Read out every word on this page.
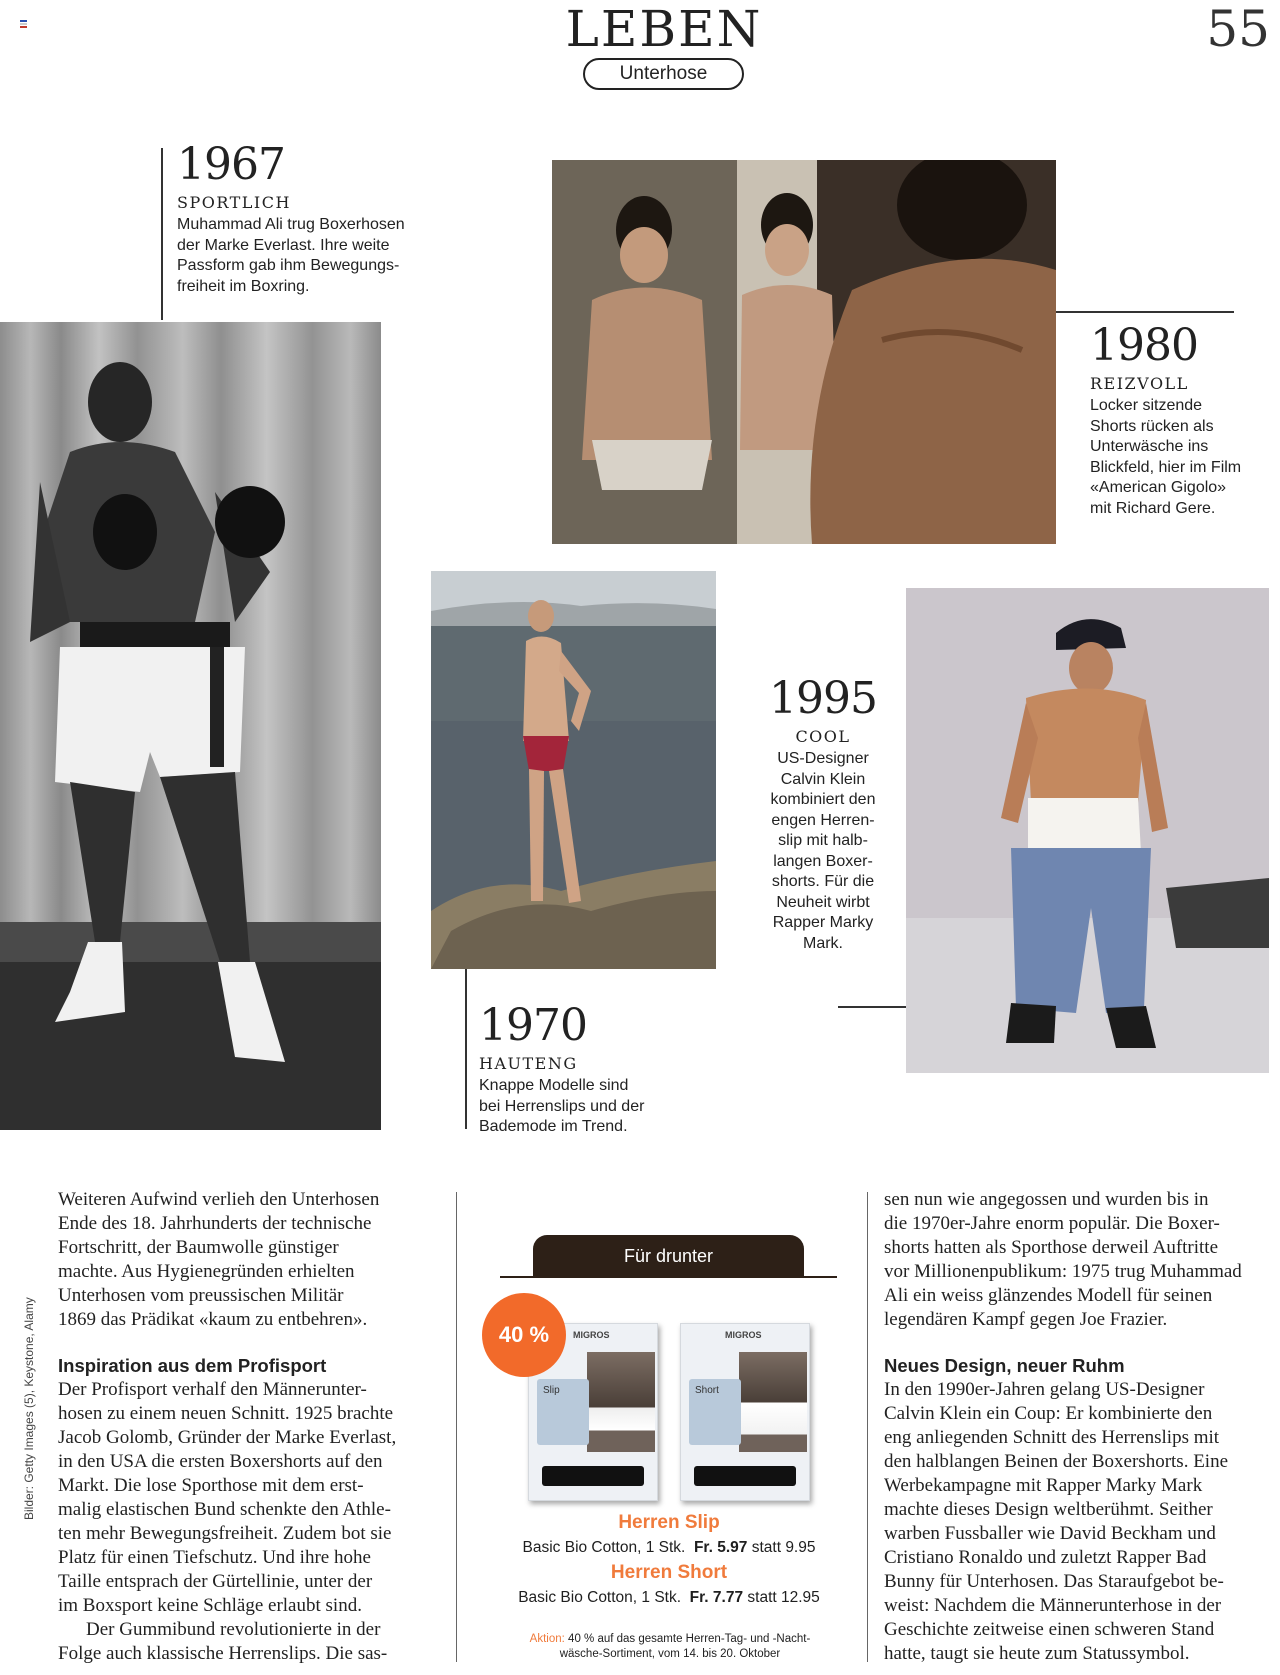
LEBEN
Unterhose
55
1967
SPORTLICH
Muhammad Ali trug Boxerhosen
der Marke Everlast. Ihre weite
Passform gab ihm Bewegungs-
freiheit im Boxring.
1980
REIZVOLL
Locker sitzende
Shorts rücken als
Unterwäsche ins
Blickfeld, hier im Film
«American Gigolo»
mit Richard Gere.
1970
HAUTENG
Knappe Modelle sind
bei Herrenslips und der
Bademode im Trend.
1995
COOL
US-Designer
Calvin Klein
kombiniert den
engen Herren-
slip mit halb-
langen Boxer-
shorts. Für die
Neuheit wirbt
Rapper Marky
Mark.

Weiteren Aufwind verlieh den Unterhosen
Ende des 18. Jahrhunderts der technische
Fortschritt, der Baumwolle günstiger
machte. Aus Hygienegründen erhielten
Unterhosen vom preussischen Militär
1869 das Prädikat «kaum zu entbehren».

Inspiration aus dem Profisport

Der Profisport verhalf den Männerunter-
hosen zu einem neuen Schnitt. 1925 brachte
Jacob Golomb, Gründer der Marke Everlast,
in den USA die ersten Boxershorts auf den
Markt. Die lose Sporthose mit dem erst-
malig elastischen Bund schenkte den Athle-
ten mehr Bewegungsfreiheit. Zudem bot sie
Platz für einen Tiefschutz. Und ihre hohe
Taille entsprach der Gürtellinie, unter der
im Boxsport keine Schläge erlaubt sind.

Der Gummibund revolutionierte in der
Folge auch klassische Herrenslips. Die sas-

Bilder: Getty Images (5), Keystone, Alamy

sen nun wie angegossen und wurden bis in
die 1970er-Jahre enorm populär. Die Boxer-
shorts hatten als Sporthose derweil Auftritte
vor Millionenpublikum: 1975 trug Muhammad
Ali ein weiss glänzendes Modell für seinen
legendären Kampf gegen Joe Frazier.

Neues Design, neuer Ruhm

In den 1990er-Jahren gelang US-Designer
Calvin Klein ein Coup: Er kombinierte den
eng anliegenden Schnitt des Herrenslips mit
den halblangen Beinen der Boxershorts. Eine
Werbekampagne mit Rapper Marky Mark
machte dieses Design weltberühmt. Seither
warben Fussballer wie David Beckham und
Cristiano Ronaldo und zuletzt Rapper Bad
Bunny für Unterhosen. Das Staraufgebot be-
weist: Nachdem die Männerunterhose in der
Geschichte zeitweise einen schweren Stand
hatte, taugt sie heute zum Statussymbol.

Für drunter
MIGROS
Slip
MIGROS
Short
40 %
Herren Slip
Basic Bio Cotton, 1 Stk. Fr. 5.97 statt 9.95
Herren Short
Basic Bio Cotton, 1 Stk. Fr. 7.77 statt 12.95
Aktion: 40 % auf das gesamte Herren-Tag- und -Nacht-
wäsche-Sortiment, vom 14. bis 20. Oktober
